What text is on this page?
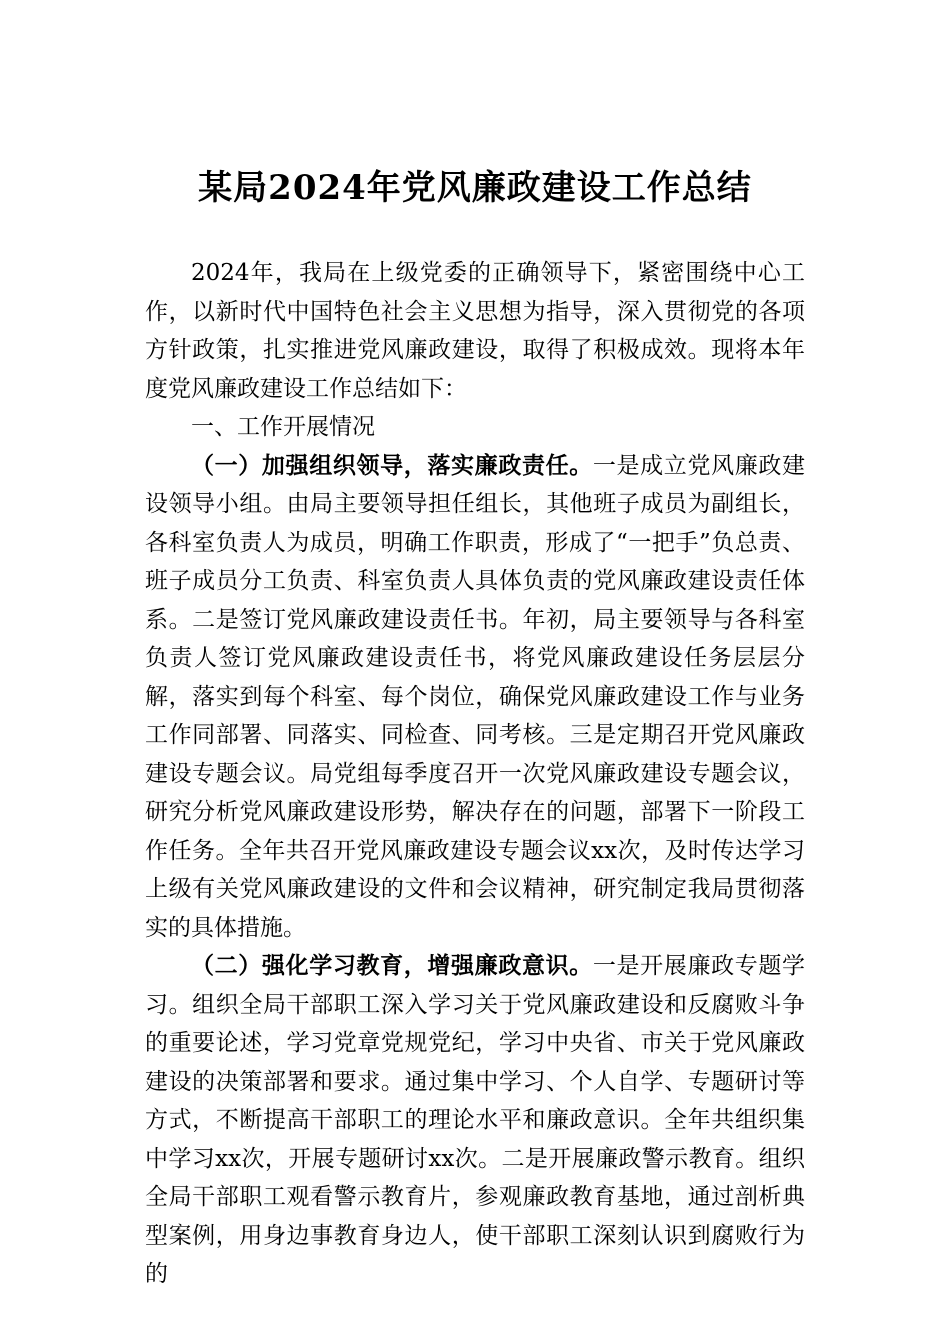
某局2024年党风廉政建设工作总结

2024年，我局在上级党委的正确领导下，紧密围绕中心工作，以新时代中国特色社会主义思想为指导，深入贯彻党的各项方针政策，扎实推进党风廉政建设，取得了积极成效。现将本年度党风廉政建设工作总结如下：

一、工作开展情况

（一）加强组织领导，落实廉政责任。一是成立党风廉政建设领导小组。由局主要领导担任组长，其他班子成员为副组长，各科室负责人为成员，明确工作职责，形成了“一把手”负总责、班子成员分工负责、科室负责人具体负责的党风廉政建设责任体系。二是签订党风廉政建设责任书。年初，局主要领导与各科室负责人签订党风廉政建设责任书，将党风廉政建设任务层层分解，落实到每个科室、每个岗位，确保党风廉政建设工作与业务工作同部署、同落实、同检查、同考核。三是定期召开党风廉政建设专题会议。局党组每季度召开一次党风廉政建设专题会议，研究分析党风廉政建设形势，解决存在的问题，部署下一阶段工作任务。全年共召开党风廉政建设专题会议xx次，及时传达学习上级有关党风廉政建设的文件和会议精神，研究制定我局贯彻落实的具体措施。

（二）强化学习教育，增强廉政意识。一是开展廉政专题学习。组织全局干部职工深入学习关于党风廉政建设和反腐败斗争的重要论述，学习党章党规党纪，学习中央省、市关于党风廉政建设的决策部署和要求。通过集中学习、个人自学、专题研讨等方式，不断提高干部职工的理论水平和廉政意识。全年共组织集中学习xx次，开展专题研讨xx次。二是开展廉政警示教育。组织全局干部职工观看警示教育片，参观廉政教育基地，通过剖析典型案例，用身边事教育身边人，使干部职工深刻认识到腐败行为的
